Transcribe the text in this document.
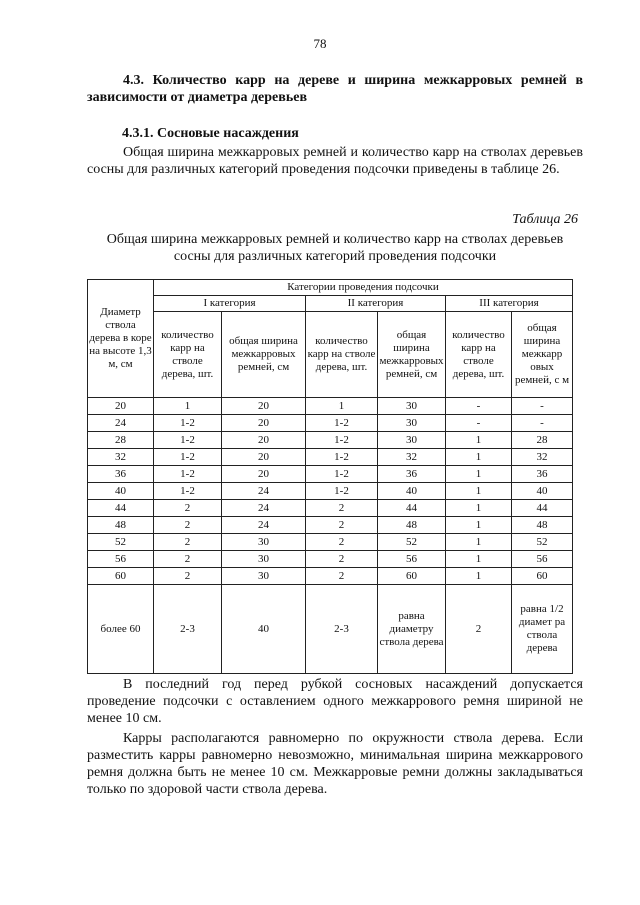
78
4.3. Количество карр на дереве и ширина межкарровых ремней в зависимости от диаметра деревьев
4.3.1. Сосновые насаждения
Общая ширина межкарровых ремней и количество карр на стволах деревьев сосны для различных категорий проведения подсочки приведены в таблице 26.
Таблица 26
Общая ширина межкарровых ремней и количество карр на стволах деревьев сосны для различных категорий проведения подсочки
Диаметр ствола дерева в коре на высоте 1,3 м, см	Категории проведения подсочки					
	I категория		II категория		III категория	
	количество карр на стволе дерева, шт.	общая ширина межкарровых ремней, см	количество карр на стволе дерева, шт.	общая ширина межкарровых ремней, см	количество карр на стволе дерева, шт.	общая ширина межкарр овых ремней, с м
20	1	20	1	30	-	-
24	1-2	20	1-2	30	-	-
28	1-2	20	1-2	30	1	28
32	1-2	20	1-2	32	1	32
36	1-2	20	1-2	36	1	36
40	1-2	24	1-2	40	1	40
44	2	24	2	44	1	44
48	2	24	2	48	1	48
52	2	30	2	52	1	52
56	2	30	2	56	1	56
60	2	30	2	60	1	60
более 60	2-3	40	2-3	равна диаметру ствола дерева	2	равна 1/2 диамет ра ствола дерева
В последний год перед рубкой сосновых насаждений допускается проведение подсочки с оставлением одного межкаррового ремня шириной не менее 10 см.
Карры располагаются равномерно по окружности ствола дерева. Если разместить карры равномерно невозможно, минимальная ширина межкаррового ремня должна быть не менее 10 см. Межкарровые ремни должны закладываться только по здоровой части ствола дерева.
